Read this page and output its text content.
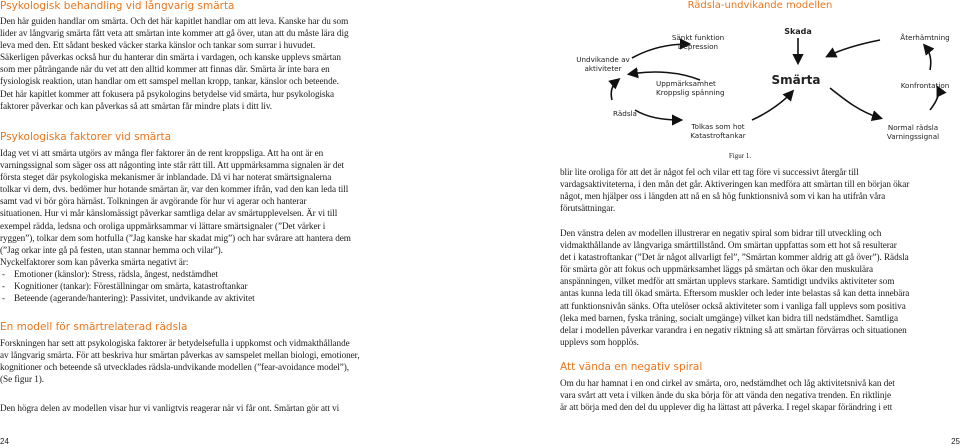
Psykologisk behandling vid långvarig smärta

Den här guiden handlar om smärta. Och det här kapitlet handlar om att leva. Kanske har du som

lider av långvarig smärta fått veta att smärtan inte kommer att gå över, utan att du måste lära dig

leva med den. Ett sådant besked väcker starka känslor och tankar som surrar i huvudet.

Säkerligen påverkas också hur du hanterar din smärta i vardagen, och kanske upplevs smärtan

som mer påträngande när du vet att den alltid kommer att finnas där. Smärta är inte bara en

fysiologisk reaktion, utan handlar om ett samspel mellan kropp, tankar, känslor och beteende.

Det här kapitlet kommer att fokusera på psykologins betydelse vid smärta, hur psykologiska

faktorer påverkar och kan påverkas så att smärtan får mindre plats i ditt liv.

Psykologiska faktorer vid smärta

Idag vet vi att smärta utgörs av många fler faktorer än de rent kroppsliga. Att ha ont är en

varningssignal som säger oss att någonting inte står rätt till. Att uppmärksamma signalen är det

första steget där psykologiska mekanismer är inblandade. Då vi har noterat smärtsignalerna

tolkar vi dem, dvs. bedömer hur hotande smärtan är, var den kommer ifrån, vad den kan leda till

samt vad vi bör göra härnäst. Tolkningen är avgörande för hur vi agerar och hanterar

situationen. Hur vi mår känslomässigt påverkar samtliga delar av smärtupplevelsen. Är vi till

exempel rädda, ledsna och oroliga uppmärksammar vi lättare smärtsignaler (”Det värker i

ryggen”), tolkar dem som hotfulla (”Jag kanske har skadat mig”) och har svårare att hantera dem

(”Jag orkar inte gå på festen, utan stannar hemma och vilar”).

Nyckelfaktorer som kan påverka smärta negativt är:

- Emotioner (känslor): Stress, rädsla, ångest, nedstämdhet
- Kognitioner (tankar): Föreställningar om smärta, katastroftankar
- Beteende (agerande/hantering): Passivitet, undvikande av aktivitet
En modell för smärtrelaterad rädsla

Forskningen har sett att psykologiska faktorer är betydelsefulla i uppkomst och vidmakthållande

av långvarig smärta. För att beskriva hur smärtan påverkas av samspelet mellan biologi, emotioner,

kognitioner och beteende så utvecklades rädsla-undvikande modellen (”fear-avoidance model”),

(Se figur 1).

Den högra delen av modellen visar hur vi vanligtvis reagerar när vi får ont. Smärtan gör att vi
24
Rädsla-undvikande modellen
Undvikande av
aktiviteter
Sänkt funktion
Depression
Uppmärksamhet
Kroppslig spänning
Rädsla
Tolkas som hot
Katastroftankar
Skada
Smärta
Normal rädsla
Varningssignal
Återhämtning
Konfrontation
Figur 1.

blir lite oroliga för att det är något fel och vilar ett tag före vi successivt återgår till

vardagsaktiviteterna, i den mån det går. Aktiveringen kan medföra att smärtan till en början ökar

något, men hjälper oss i längden att nå en så hög funktionsnivå som vi kan ha utifrån våra

förutsättningar.

Den vänstra delen av modellen illustrerar en negativ spiral som bidrar till utveckling och

vidmakthållande av långvariga smärttillstånd. Om smärtan uppfattas som ett hot så resulterar

det i katastroftankar (”Det är något allvarligt fel”, ”Smärtan kommer aldrig att gå över”). Rädsla

för smärta gör att fokus och uppmärksamhet läggs på smärtan och ökar den muskulära

anspänningen, vilket medför att smärtan upplevs starkare. Samtidigt undviks aktiviteter som

antas kunna leda till ökad smärta. Eftersom muskler och leder inte belastas så kan detta innebära

att funktionsnivån sänks. Ofta utelöser också aktiviteter som i vanliga fall upplevs som positiva

(leka med barnen, fyska träning, socialt umgänge) vilket kan bidra till nedstämdhet. Samtliga

delar i modellen påverkar varandra i en negativ riktning så att smärtan förvärras och situationen

upplevs som hopplös.

Att vända en negativ spiral

Om du har hamnat i en ond cirkel av smärta, oro, nedstämdhet och låg aktivitetsnivå kan det

vara svårt att veta i vilken ände du ska börja för att vända den negativa trenden. En riktlinje

är att börja med den del du upplever dig ha lättast att påverka. I regel skapar förändring i ett

25
